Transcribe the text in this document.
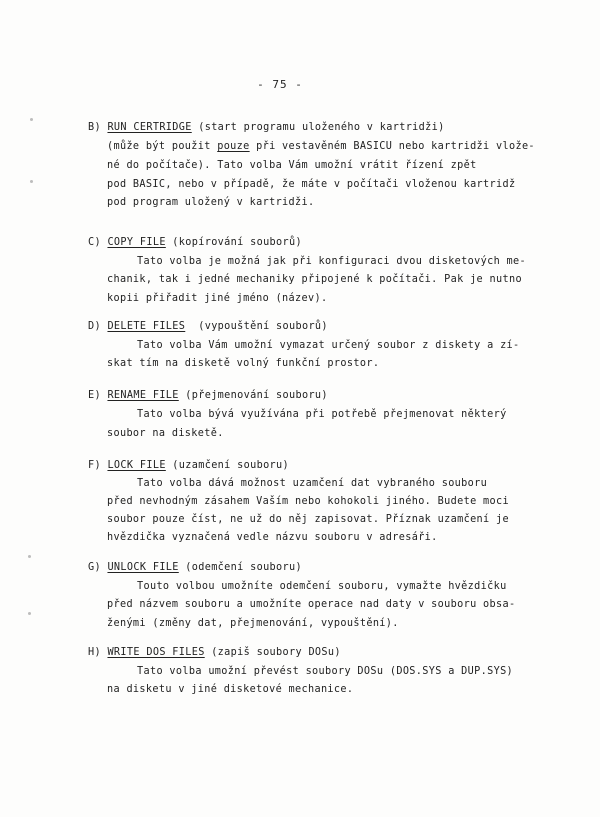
- 75 -
B) RUN CERTRIDGE (start programu uloženého v kartridži)
(může být použit pouze při vestavěném BASICU nebo kartridži vlože-
né do počítače). Tato volba Vám umožní vrátit řízení zpět
pod BASIC, nebo v případě, že máte v počítači vloženou kartridž
pod program uložený v kartridži.
C) COPY FILE (kopírování souborů)
Tato volba je možná jak při konfiguraci dvou disketových me-
chanik, tak i jedné mechaniky připojené k počítači. Pak je nutno
kopii přiřadit jiné jméno (název).
D) DELETE FILES (vypouštění souborů)
Tato volba Vám umožní vymazat určený soubor z diskety a zí-
skat tím na disketě volný funkční prostor.
E) RENAME FILE (přejmenování souboru)
Tato volba bývá využívána při potřebě přejmenovat některý
soubor na disketě.
F) LOCK FILE (uzamčení souboru)
Tato volba dává možnost uzamčení dat vybraného souboru
před nevhodným zásahem Vaším nebo kohokoli jiného. Budete moci
soubor pouze číst, ne už do něj zapisovat. Příznak uzamčení je
hvězdička vyznačená vedle názvu souboru v adresáři.
G) UNLOCK FILE (odemčení souboru)
Touto volbou umožníte odemčení souboru, vymažte hvězdičku
před názvem souboru a umožníte operace nad daty v souboru obsa-
ženými (změny dat, přejmenování, vypouštění).
H) WRITE DOS FILES (zapiš soubory DOSu)
Tato volba umožní převést soubory DOSu (DOS.SYS a DUP.SYS)
na disketu v jiné disketové mechanice.
